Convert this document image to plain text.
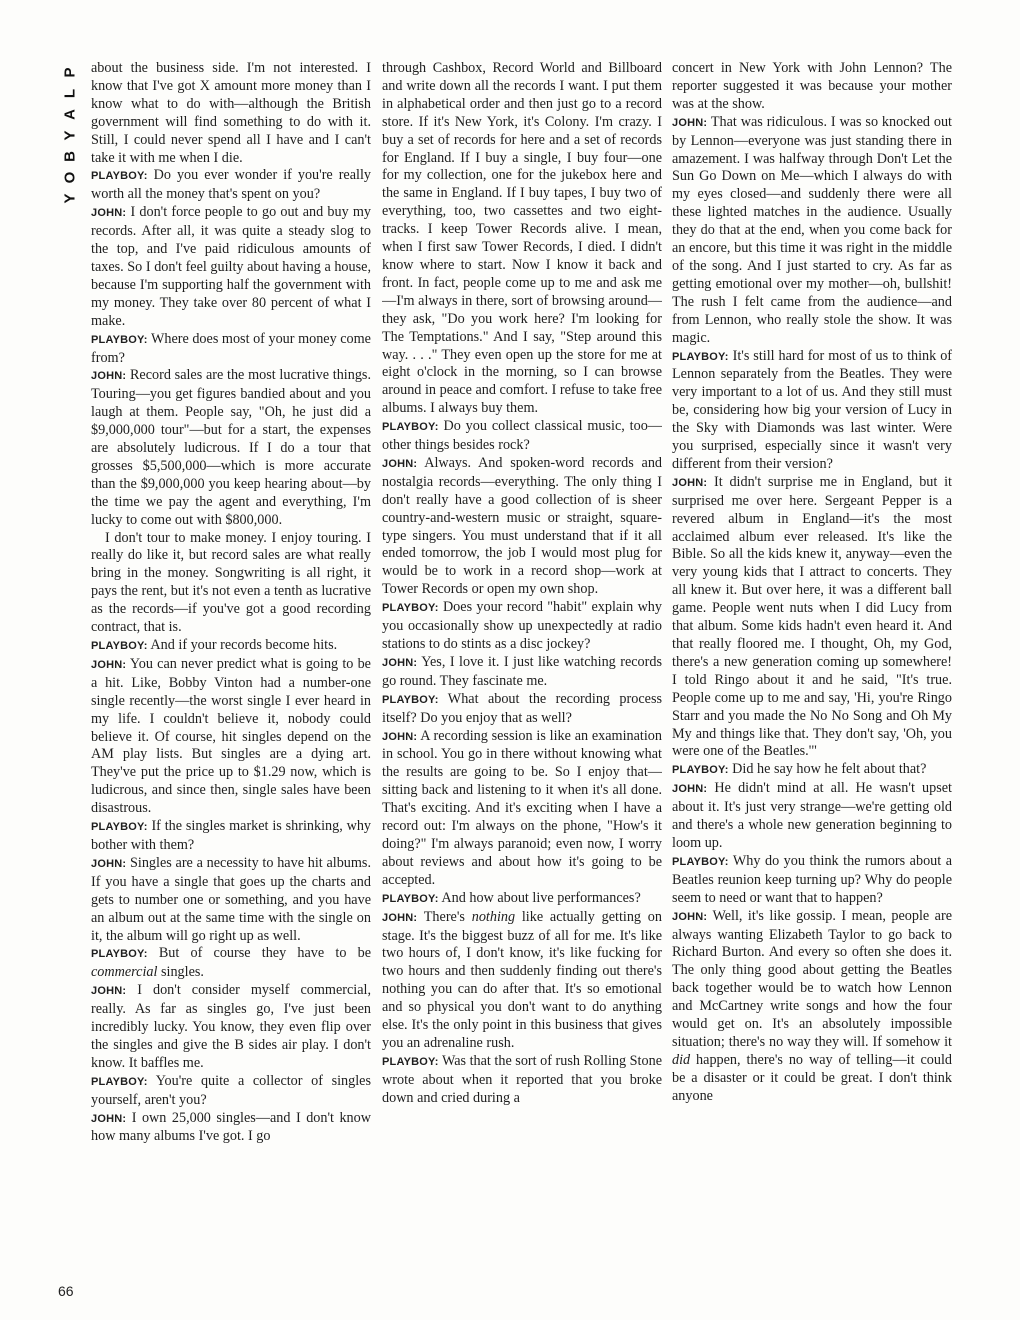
P
L
A
Y
B
O
Y

about the business side. I'm not interested. I know that I've got X amount more money than I know what to do with—although the British government will find something to do with it. Still, I could never spend all I have and I can't take it with me when I die.

PLAYBOY: Do you ever wonder if you're really worth all the money that's spent on you?

JOHN: I don't force people to go out and buy my records. After all, it was quite a steady slog to the top, and I've paid ridiculous amounts of taxes. So I don't feel guilty about having a house, because I'm supporting half the government with my money. They take over 80 percent of what I make.

PLAYBOY: Where does most of your money come from?

JOHN: Record sales are the most lucrative things. Touring—you get figures bandied about and you laugh at them. People say, "Oh, he just did a $9,000,000 tour"—but for a start, the expenses are absolutely ludicrous. If I do a tour that grosses $5,500,000—which is more accurate than the $9,000,000 you keep hearing about—by the time we pay the agent and everything, I'm lucky to come out with $800,000.

I don't tour to make money. I enjoy touring. I really do like it, but record sales are what really bring in the money. Songwriting is all right, it pays the rent, but it's not even a tenth as lucrative as the records—if you've got a good recording contract, that is.

PLAYBOY: And if your records become hits.

JOHN: You can never predict what is going to be a hit. Like, Bobby Vinton had a number-one single recently—the worst single I ever heard in my life. I couldn't believe it, nobody could believe it. Of course, hit singles depend on the AM play lists. But singles are a dying art. They've put the price up to $1.29 now, which is ludicrous, and since then, single sales have been disastrous.

PLAYBOY: If the singles market is shrinking, why bother with them?

JOHN: Singles are a necessity to have hit albums. If you have a single that goes up the charts and gets to number one or something, and you have an album out at the same time with the single on it, the album will go right up as well.

PLAYBOY: But of course they have to be commercial singles.

JOHN: I don't consider myself commercial, really. As far as singles go, I've just been incredibly lucky. You know, they even flip over the singles and give the B sides air play. I don't know. It baffles me.

PLAYBOY: You're quite a collector of singles yourself, aren't you?

JOHN: I own 25,000 singles—and I don't know how many albums I've got. I go

through Cashbox, Record World and Billboard and write down all the records I want. I put them in alphabetical order and then just go to a record store. If it's New York, it's Colony. I'm crazy. I buy a set of records for here and a set of records for England. If I buy a single, I buy four—one for my collection, one for the jukebox here and the same in England. If I buy tapes, I buy two of everything, too, two cassettes and two eight-tracks. I keep Tower Records alive. I mean, when I first saw Tower Records, I died. I didn't know where to start. Now I know it back and front. In fact, people come up to me and ask me—I'm always in there, sort of browsing around—they ask, "Do you work here? I'm looking for The Temptations." And I say, "Step around this way. . . ." They even open up the store for me at eight o'clock in the morning, so I can browse around in peace and comfort. I refuse to take free albums. I always buy them.

PLAYBOY: Do you collect classical music, too—other things besides rock?

JOHN: Always. And spoken-word records and nostalgia records—everything. The only thing I don't really have a good collection of is sheer country-and-western music or straight, square-type singers. You must understand that if it all ended tomorrow, the job I would most plug for would be to work in a record shop—work at Tower Records or open my own shop.

PLAYBOY: Does your record "habit" explain why you occasionally show up unexpectedly at radio stations to do stints as a disc jockey?

JOHN: Yes, I love it. I just like watching records go round. They fascinate me.

PLAYBOY: What about the recording process itself? Do you enjoy that as well?

JOHN: A recording session is like an examination in school. You go in there without knowing what the results are going to be. So I enjoy that—sitting back and listening to it when it's all done. That's exciting. And it's exciting when I have a record out: I'm always on the phone, "How's it doing?" I'm always paranoid; even now, I worry about reviews and about how it's going to be accepted.

PLAYBOY: And how about live performances?

JOHN: There's nothing like actually getting on stage. It's the biggest buzz of all for me. It's like two hours of, I don't know, it's like fucking for two hours and then suddenly finding out there's nothing you can do after that. It's so emotional and so physical you don't want to do anything else. It's the only point in this business that gives you an adrenaline rush.

PLAYBOY: Was that the sort of rush Rolling Stone wrote about when it reported that you broke down and cried during a

concert in New York with John Lennon? The reporter suggested it was because your mother was at the show.

JOHN: That was ridiculous. I was so knocked out by Lennon—everyone was just standing there in amazement. I was halfway through Don't Let the Sun Go Down on Me—which I always do with my eyes closed—and suddenly there were all these lighted matches in the audience. Usually they do that at the end, when you come back for an encore, but this time it was right in the middle of the song. And I just started to cry. As far as getting emotional over my mother—oh, bullshit! The rush I felt came from the audience—and from Lennon, who really stole the show. It was magic.

PLAYBOY: It's still hard for most of us to think of Lennon separately from the Beatles. They were very important to a lot of us. And they still must be, considering how big your version of Lucy in the Sky with Diamonds was last winter. Were you surprised, especially since it wasn't very different from their version?

JOHN: It didn't surprise me in England, but it surprised me over here. Sergeant Pepper is a revered album in England—it's the most acclaimed album ever released. It's like the Bible. So all the kids knew it, anyway—even the very young kids that I attract to concerts. They all knew it. But over here, it was a different ball game. People went nuts when I did Lucy from that album. Some kids hadn't even heard it. And that really floored me. I thought, Oh, my God, there's a new generation coming up somewhere! I told Ringo about it and he said, "It's true. People come up to me and say, 'Hi, you're Ringo Starr and you made the No No Song and Oh My My and things like that. They don't say, 'Oh, you were one of the Beatles.'"

PLAYBOY: Did he say how he felt about that?

JOHN: He didn't mind at all. He wasn't upset about it. It's just very strange—we're getting old and there's a whole new generation beginning to loom up.

PLAYBOY: Why do you think the rumors about a Beatles reunion keep turning up? Why do people seem to need or want that to happen?

JOHN: Well, it's like gossip. I mean, people are always wanting Elizabeth Taylor to go back to Richard Burton. And every so often she does it. The only thing good about getting the Beatles back together would be to watch how Lennon and McCartney write songs and how the four would get on. It's an absolutely impossible situation; there's no way they will. If somehow it did happen, there's no way of telling—it could be a disaster or it could be great. I don't think anyone

66
